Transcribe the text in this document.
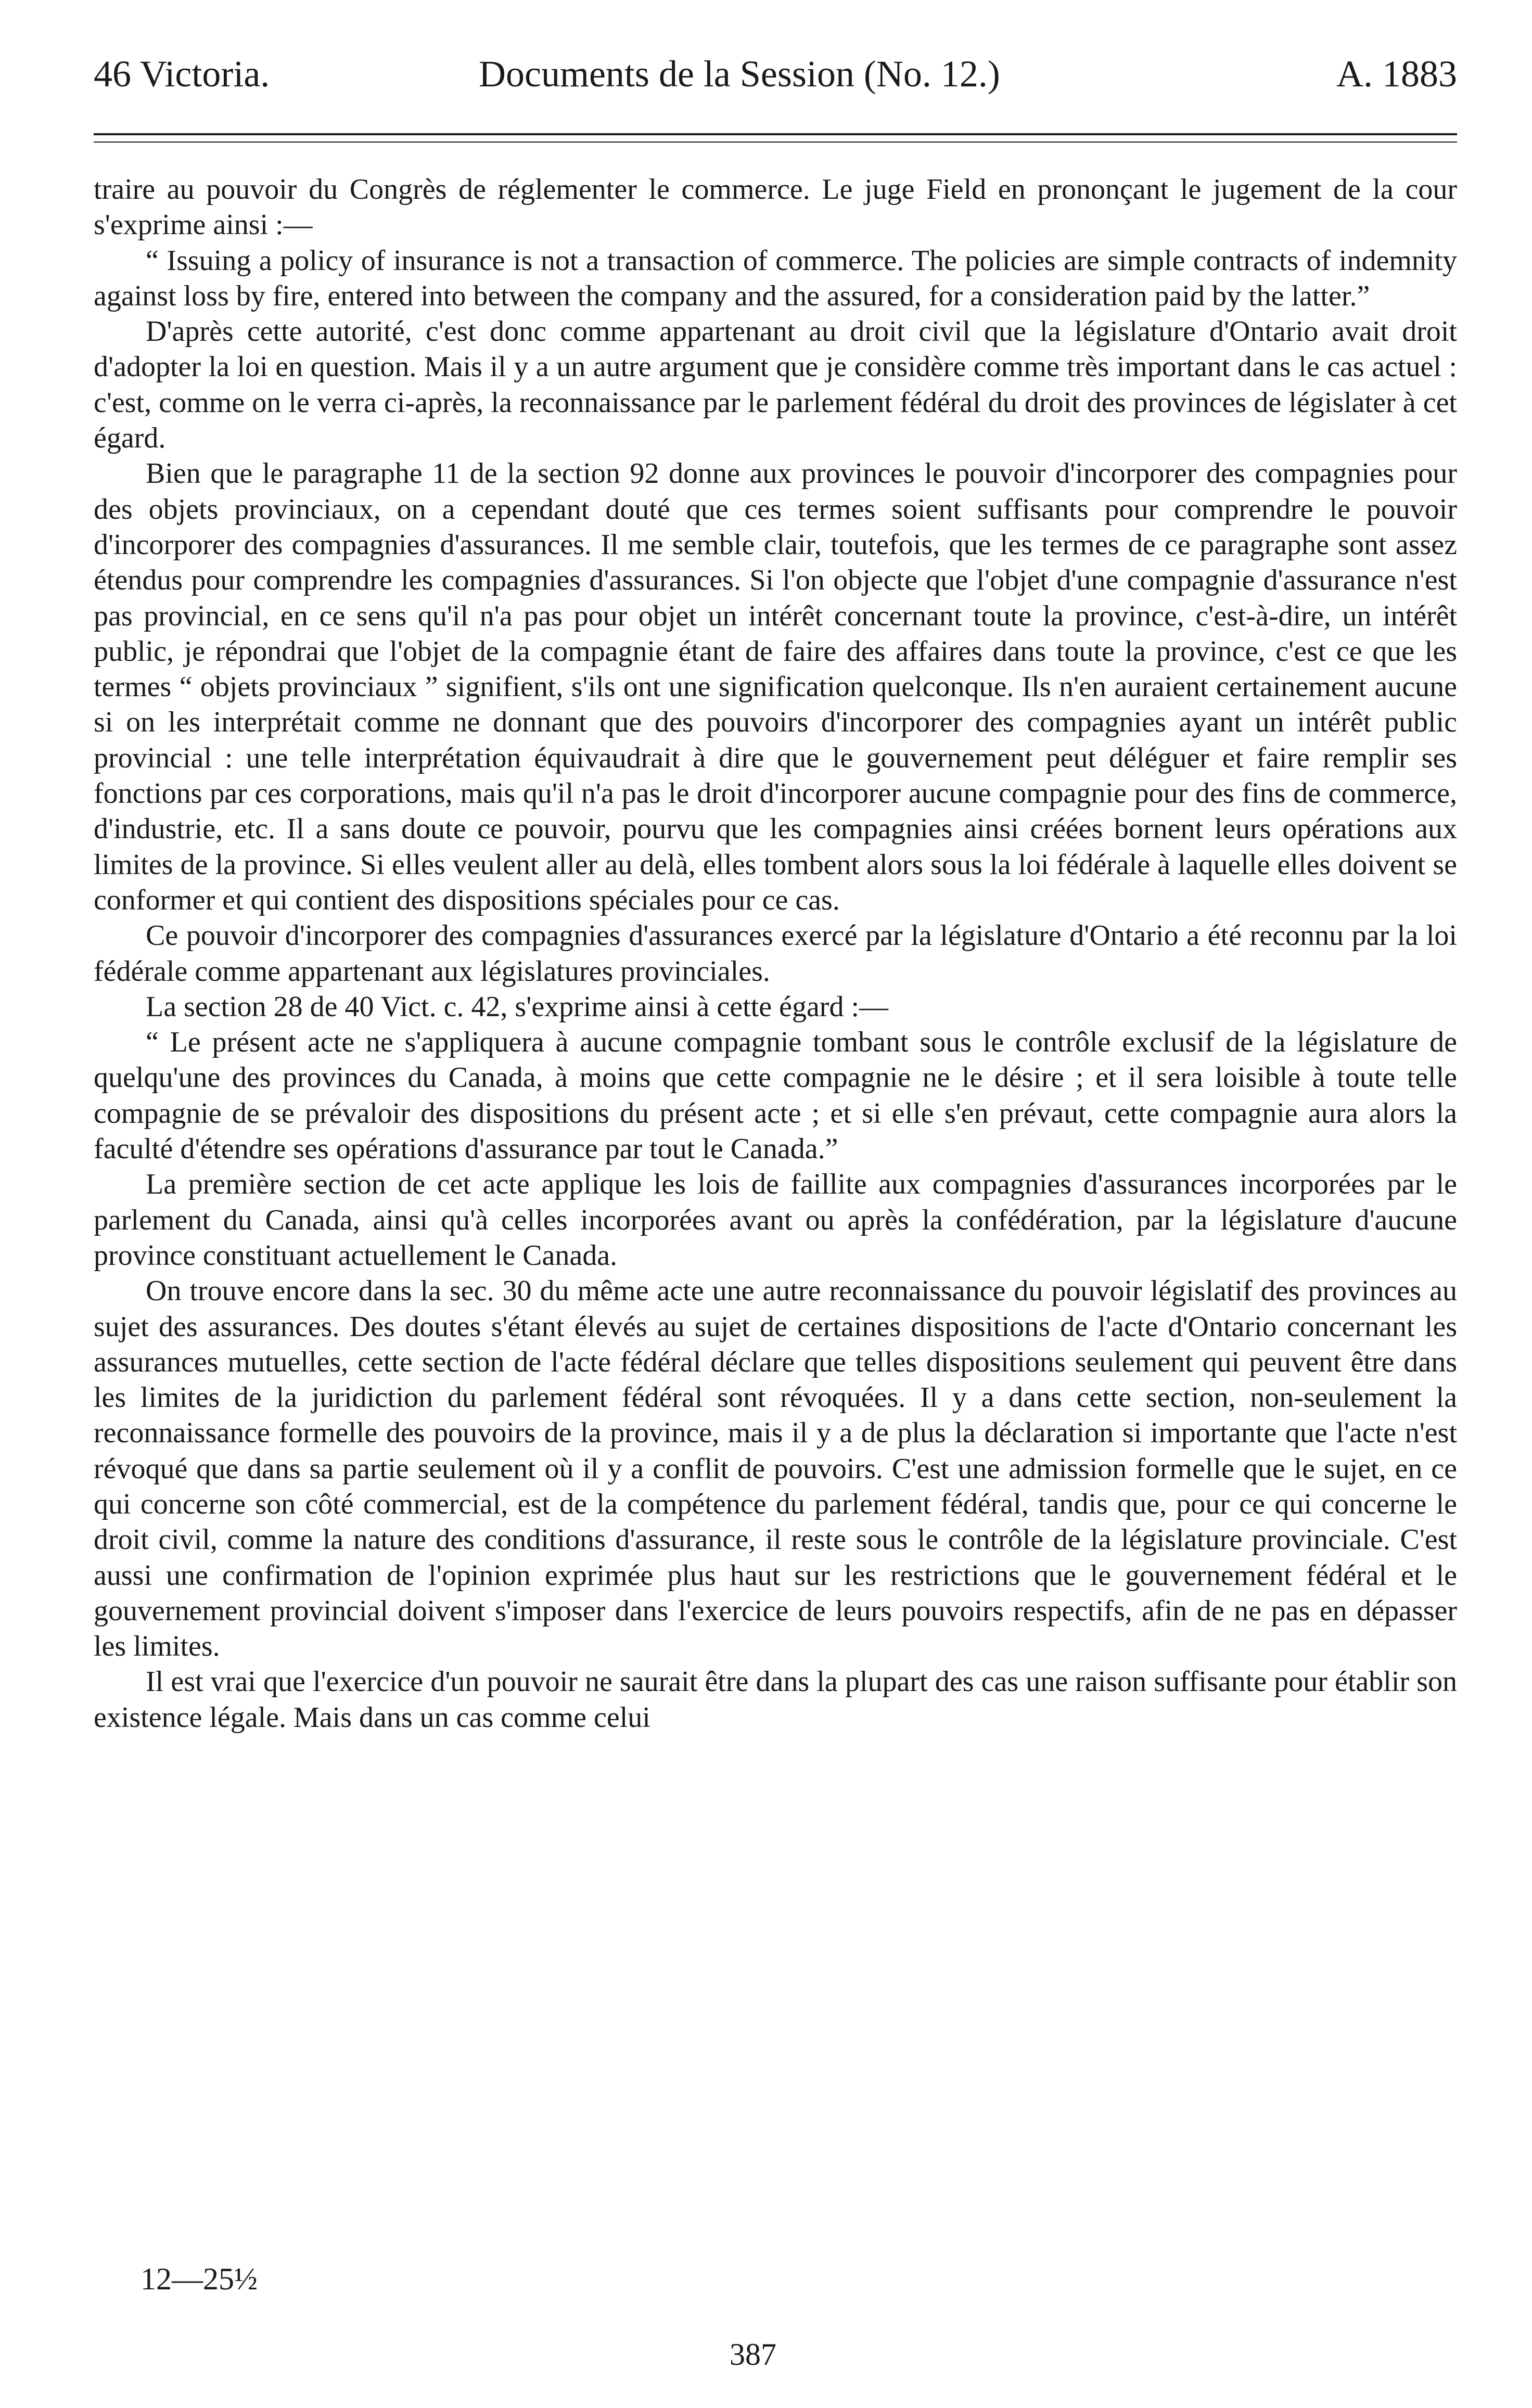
46 Victoria.	Documents de la Session (No. 12.)	A. 1883

traire au pouvoir du Congrès de réglementer le commerce. Le juge Field en prononçant le jugement de la cour s'exprime ainsi :—

“ Issuing a policy of insurance is not a transaction of commerce. The policies are simple contracts of indemnity against loss by fire, entered into between the company and the assured, for a consideration paid by the latter.”

D'après cette autorité, c'est donc comme appartenant au droit civil que la législature d'Ontario avait droit d'adopter la loi en question. Mais il y a un autre argument que je considère comme très important dans le cas actuel : c'est, comme on le verra ci-après, la reconnaissance par le parlement fédéral du droit des provinces de législater à cet égard.

Bien que le paragraphe 11 de la section 92 donne aux provinces le pouvoir d'incorporer des compagnies pour des objets provinciaux, on a cependant douté que ces termes soient suffisants pour comprendre le pouvoir d'incorporer des compagnies d'assurances. Il me semble clair, toutefois, que les termes de ce paragraphe sont assez étendus pour comprendre les compagnies d'assurances. Si l'on objecte que l'objet d'une compagnie d'assurance n'est pas provincial, en ce sens qu'il n'a pas pour objet un intérêt concernant toute la province, c'est-à-dire, un intérêt public, je répondrai que l'objet de la compagnie étant de faire des affaires dans toute la province, c'est ce que les termes “ objets provinciaux ” signifient, s'ils ont une signification quelconque. Ils n'en auraient certainement aucune si on les interprétait comme ne donnant que des pouvoirs d'incorporer des compagnies ayant un intérêt public provincial : une telle interprétation équivaudrait à dire que le gouvernement peut déléguer et faire remplir ses fonctions par ces corporations, mais qu'il n'a pas le droit d'incorporer aucune compagnie pour des fins de commerce, d'industrie, etc. Il a sans doute ce pouvoir, pourvu que les compagnies ainsi créées bornent leurs opérations aux limites de la province. Si elles veulent aller au delà, elles tombent alors sous la loi fédérale à laquelle elles doivent se conformer et qui contient des dispositions spéciales pour ce cas.

Ce pouvoir d'incorporer des compagnies d'assurances exercé par la législature d'Ontario a été reconnu par la loi fédérale comme appartenant aux législatures provinciales.

La section 28 de 40 Vict. c. 42, s'exprime ainsi à cette égard :—

“ Le présent acte ne s'appliquera à aucune compagnie tombant sous le contrôle exclusif de la législature de quelqu'une des provinces du Canada, à moins que cette compagnie ne le désire ; et il sera loisible à toute telle compagnie de se prévaloir des dispositions du présent acte ; et si elle s'en prévaut, cette compagnie aura alors la faculté d'étendre ses opérations d'assurance par tout le Canada.”

La première section de cet acte applique les lois de faillite aux compagnies d'assurances incorporées par le parlement du Canada, ainsi qu'à celles incorporées avant ou après la confédération, par la législature d'aucune province constituant actuellement le Canada.

On trouve encore dans la sec. 30 du même acte une autre reconnaissance du pouvoir législatif des provinces au sujet des assurances. Des doutes s'étant élevés au sujet de certaines dispositions de l'acte d'Ontario concernant les assurances mutuelles, cette section de l'acte fédéral déclare que telles dispositions seulement qui peuvent être dans les limites de la juridiction du parlement fédéral sont révoquées. Il y a dans cette section, non-seulement la reconnaissance formelle des pouvoirs de la province, mais il y a de plus la déclaration si importante que l'acte n'est révoqué que dans sa partie seulement où il y a conflit de pouvoirs. C'est une admission formelle que le sujet, en ce qui concerne son côté commercial, est de la compétence du parlement fédéral, tandis que, pour ce qui concerne le droit civil, comme la nature des conditions d'assurance, il reste sous le contrôle de la législature provinciale. C'est aussi une confirmation de l'opinion exprimée plus haut sur les restrictions que le gouvernement fédéral et le gouvernement provincial doivent s'imposer dans l'exercice de leurs pouvoirs respectifs, afin de ne pas en dépasser les limites.

Il est vrai que l'exercice d'un pouvoir ne saurait être dans la plupart des cas une raison suffisante pour établir son existence légale. Mais dans un cas comme celui

12—25½
387
